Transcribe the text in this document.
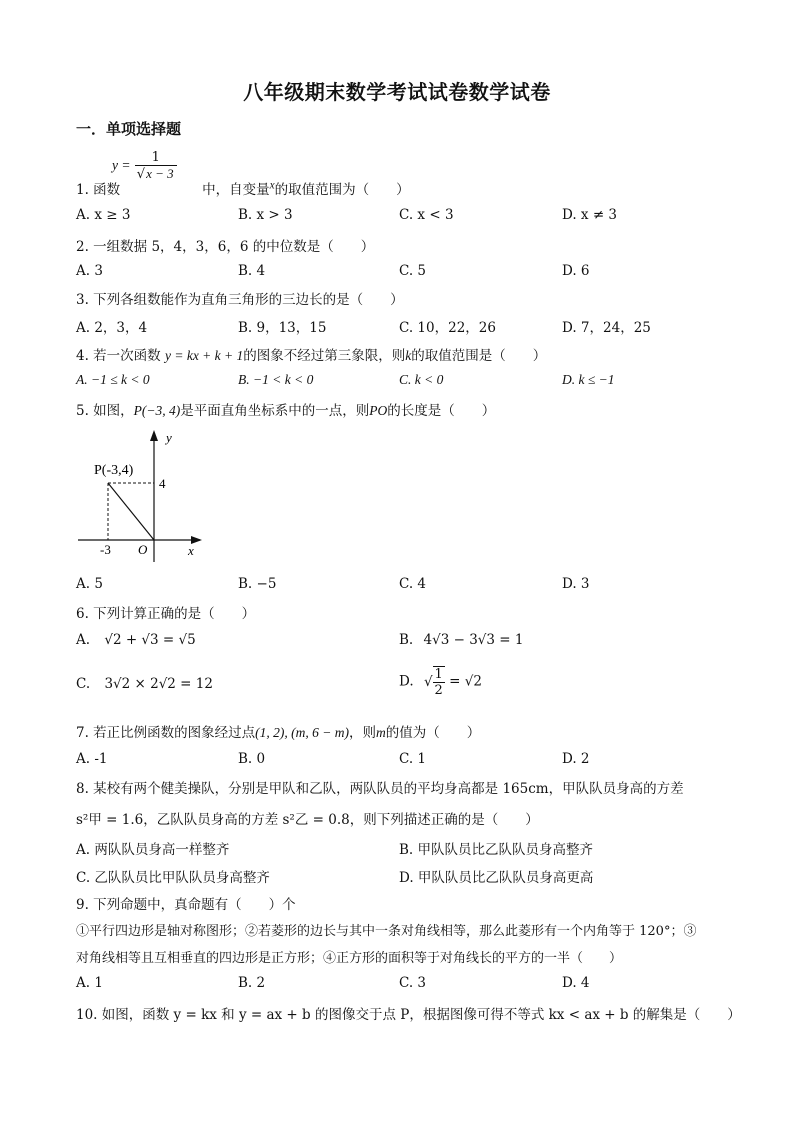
八年级期末数学考试试卷数学试卷
一．单项选择题
$y = \frac{1}{√x - 3}$
1. 函数	中，自变量$^x$的取值范围为（　　）
A. x ≥ 3	B. x > 3	C. x < 3	D. x ≠ 3
2. 一组数据 5，4，3，6，6 的中位数是（　　）
A. 3	B. 4	C. 5	D. 6
3. 下列各组数能作为直角三角形的三边长的是（　　）
A. 2，3，4	B. 9，13，15	C. 10，22，26	D. 7，24，25
4. 若一次函数 y = kx + k + 1的图象不经过第三象限，则k的取值范围是（　　）
A. −1 ≤ k < 0	B. −1 < k < 0	C. k < 0	D. k ≤ −1
5. 如图，P(−3, 4)是平面直角坐标系中的一点，则PO的长度是（　　）
P(-3,4)
4
-3 O	x
y
A. 5	B. −5	C. 4	D. 3
6. 下列计算正确的是（　　）
A. √2 + √3 = √5	B. 4√3 − 3√3 = 1
C. 3√2 × 2√2 = 12	D. √ $\frac{1}{2} = √2$
7. 若正比例函数的图象经过点(1, 2), (m, 6 − m)，则m的值为（　　）
A. -1	B. 0	C. 1	D. 2
8. 某校有两个健美操队，分别是甲队和乙队，两队队员的平均身高都是 165cm，甲队队员身高的方差
s²甲 = 1.6，乙队队员身高的方差 s²乙 = 0.8，则下列描述正确的是（　　）
A. 两队队员身高一样整齐	B. 甲队队员比乙队队员身高整齐
C. 乙队队员比甲队队员身高整齐	D. 甲队队员比乙队队员身高更高
9. 下列命题中，真命题有（　　）个
①平行四边形是轴对称图形；②若菱形的边长与其中一条对角线相等，那么此菱形有一个内角等于 120°；③
对角线相等且互相垂直的四边形是正方形；④正方形的面积等于对角线长的平方的一半（　　）
A. 1	B. 2	C. 3	D. 4
10. 如图，函数 y = kx 和 y = ax + b 的图像交于点 P，根据图像可得不等式 kx < ax + b 的解集是（　　）
